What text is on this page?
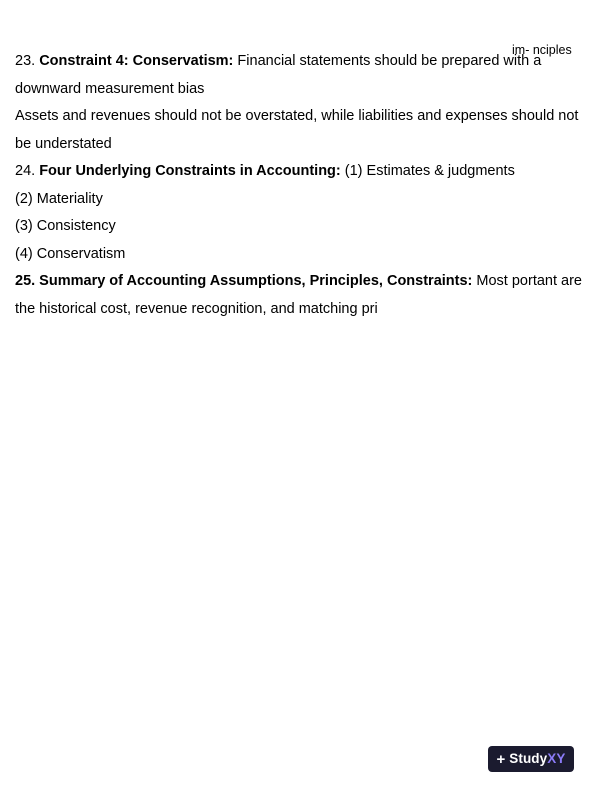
23. Constraint 4: Conservatism: Financial statements should be prepared with a downward measurement bias
Assets and revenues should not be overstated, while liabilities and expenses should not be understated
24. Four Underlying Constraints in Accounting: (1) Estimates & judgments
(2) Materiality
(3) Consistency
(4) Conservatism
25. Summary of Accounting Assumptions, Principles, Constraints: Most portant are the historical cost, revenue recognition, and matching pri
im- nciples
+ StudyXY
